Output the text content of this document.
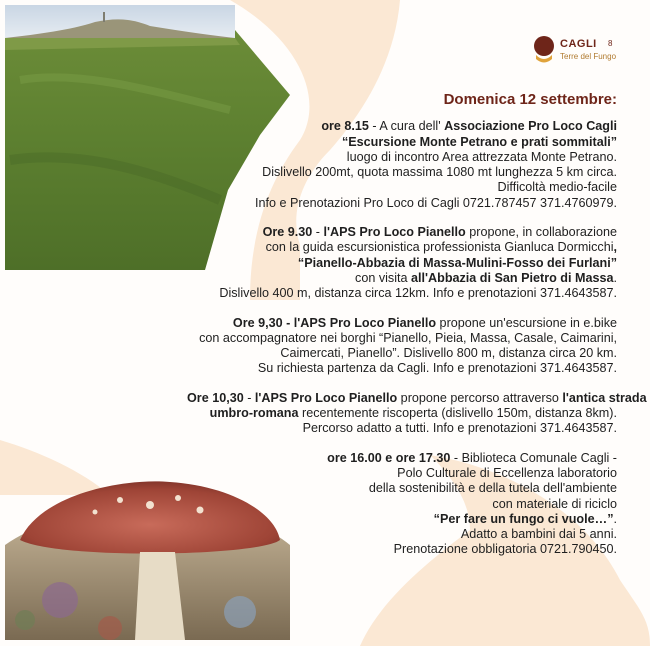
CAGLI 8
Terre del Fungo
Domenica 12 settembre:
ore 8.15 - A cura dell' Associazione Pro Loco Cagli
“Escursione Monte Petrano e prati sommitali”
luogo di incontro Area attrezzata Monte Petrano.
Dislivello 200mt, quota massima 1080 mt lunghezza 5 km circa.
Difficoltà medio-facile
Info e Prenotazioni Pro Loco di Cagli 0721.787457 371.4760979.
Ore 9.30 - l'APS Pro Loco Pianello propone, in collaborazione
con la guida escursionistica professionista Gianluca Dormicchi,
“Pianello-Abbazia di Massa-Mulini-Fosso dei Furlani”
con visita all'Abbazia di San Pietro di Massa.
Dislivello 400 m, distanza circa 12km. Info e prenotazioni 371.4643587.
Ore 9,30 - l'APS Pro Loco Pianello propone un'escursione in e.bike
con accompagnatore nei borghi “Pianello, Pieia, Massa, Casale, Caimarini,
Caimercati, Pianello”. Dislivello 800 m, distanza circa 20 km.
Su richiesta partenza da Cagli. Info e prenotazioni 371.4643587.
Ore 10,30 - l'APS Pro Loco Pianello propone percorso attraverso l'antica strada
umbro-romana recentemente riscoperta (dislivello 150m, distanza 8km).
Percorso adatto a tutti. Info e prenotazioni 371.4643587.
ore 16.00 e ore 17.30 - Biblioteca Comunale Cagli -
Polo Culturale di Eccellenza laboratorio
della sostenibilità e della tutela dell'ambiente
con materiale di riciclo
“Per fare un fungo ci vuole…”.
Adatto a bambini dai 5 anni.
Prenotazione obbligatoria 0721.790450.
